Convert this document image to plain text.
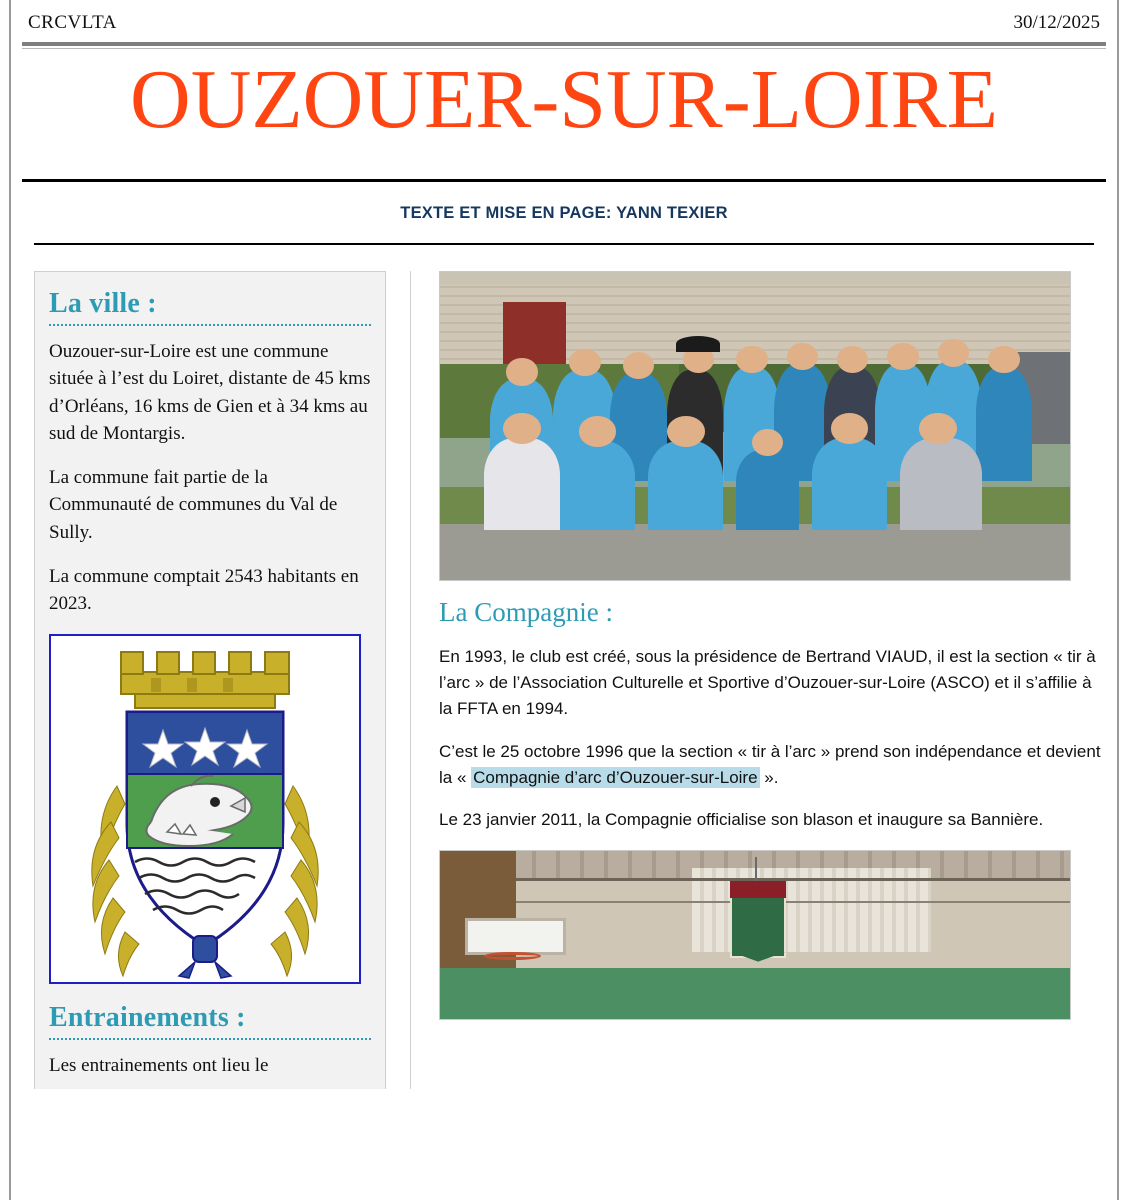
CRCVLTA	30/12/2025
OUZOUER-SUR-LOIRE
TEXTE ET MISE EN PAGE: YANN TEXIER
La ville :

Ouzouer-sur-Loire est une commune située à l’est du Loiret, distante de 45 kms d’Orléans, 16 kms de Gien et à 34 kms au sud de Montargis.

La commune fait partie de la Communauté de communes du Val de Sully.

La commune comptait 2543 habitants en 2023.

Entrainements :

Les entrainements ont lieu le

La Compagnie :

En 1993, le club est créé, sous la présidence de Bertrand VIAUD, il est la section « tir à l’arc » de l’Association Culturelle et Sportive d’Ouzouer-sur-Loire (ASCO) et il s’affilie à la FFTA en 1994.

C’est le 25 octobre 1996 que la section « tir à l’arc » prend son indépendance et devient la « Compagnie d’arc d’Ouzouer-sur-Loire ».

Le 23 janvier 2011, la Compagnie officialise son blason et inaugure sa Bannière.
